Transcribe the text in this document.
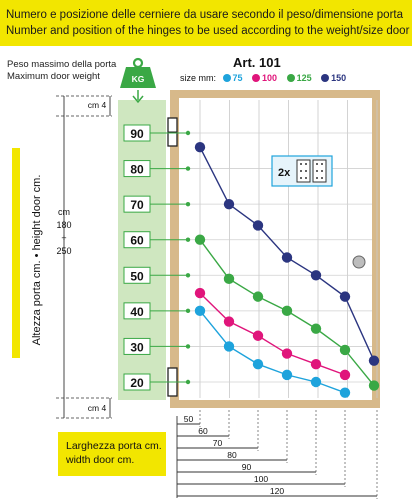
Numero e posizione delle cerniere da usare secondo il peso/dimensione porta
Number and position of the hinges to be used according to the weight/size door
Peso massimo della porta
Maximum door weight
Art. 101
size mm: 75 100 125 150
Larghezza porta cm.
width door cm.
2x
KG
cm 4
cm 4
cm
180
÷
250
Altezza porta cm. • height door cm.
20
30
40
50
60
70
80
90
50
60
70
80
90
100
120
